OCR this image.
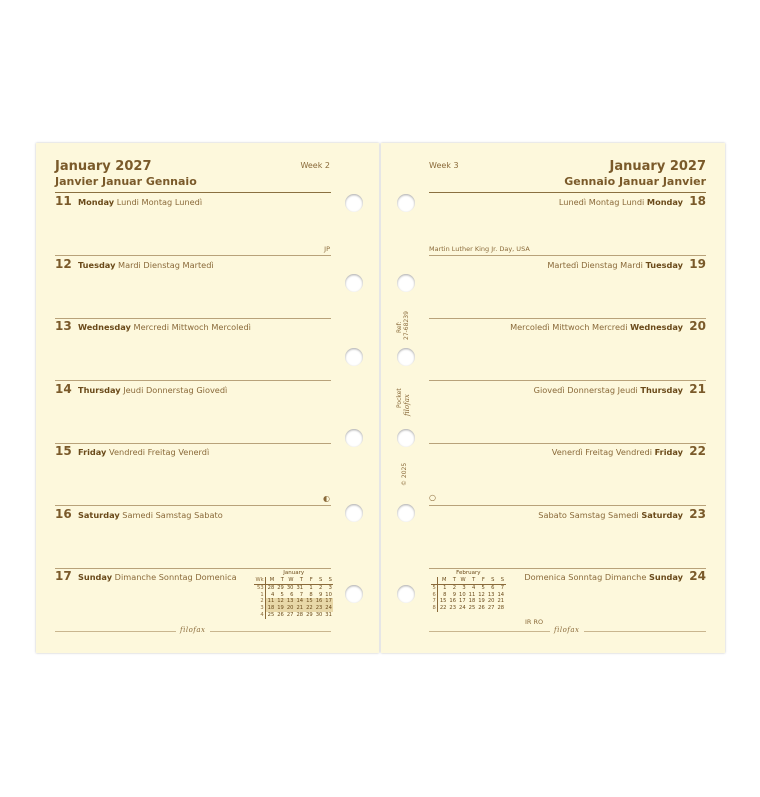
January 2027
Janvier Januar Gennaio
Week 2
11 Monday Lundi Montag Lunedì
JP
12 Tuesday Mardi Dienstag Martedì
13 Wednesday Mercredi Mittwoch Mercoledì
14 Thursday Jeudi Donnerstag Giovedì
15 Friday Vendredi Freitag Venerdì
◐
16 Saturday Samedi Samstag Sabato
17 Sunday Dimanche Sonntag Domenica	January
Wk	M	T	W	T	F	S	S
53	28	29	30	31	1	2	3
1	4	5	6	7	8	9	10
2	11	12	13	14	15	16	17
3	18	19	20	21	22	23	24
4	25	26	27	28	29	30	31
filofax
Week 3	January 2027
Gennaio Januar Janvier
18
Lunedì Montag Lundi Monday
Martin Luther King Jr. Day, USA
19
Martedì Dienstag Mardi Tuesday
20
Mercoledì Mittwoch Mercredi Wednesday
21
Giovedì Donnerstag Jeudi Thursday
22
Venerdì Freitag Vendredi Friday
○
23
Sabato Samstag Samedi Saturday
24
Domenica Sonntag Dimanche Sunday
IR RO
February
	M	T	W	T	F	S	S
5	1	2	3	4	5	6	7
6	8	9	10	11	12	13	14
7	15	16	17	18	19	20	21
8	22	23	24	25	26	27	28
filofax
Ref: 27-68239
Pocket filofax
© 2025
